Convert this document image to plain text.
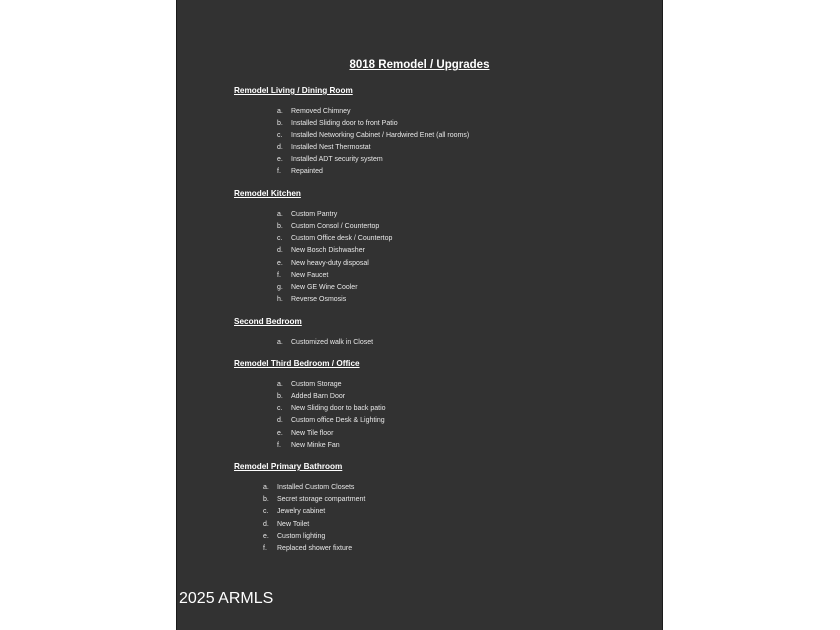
8018 Remodel / Upgrades
Remodel Living / Dining Room
a. Removed Chimney
b. Installed Sliding door to front Patio
c. Installed Networking Cabinet / Hardwired Enet (all rooms)
d. Installed Nest Thermostat
e. Installed ADT security system
f. Repainted
Remodel Kitchen
a. Custom Pantry
b. Custom Consol / Countertop
c. Custom Office desk / Countertop
d. New Bosch Dishwasher
e. New heavy-duty disposal
f. New Faucet
g. New GE Wine Cooler
h. Reverse Osmosis
Second Bedroom
a. Customized walk in Closet
Remodel Third Bedroom / Office
a. Custom Storage
b. Added Barn Door
c. New Sliding door to back patio
d. Custom office Desk & Lighting
e. New Tile floor
f. New Minke Fan
Remodel Primary Bathroom
a. Installed Custom Closets
b. Secret storage compartment
c. Jewelry cabinet
d. New Toilet
e. Custom lighting
f. Replaced shower fixture
2025 ARMLS
